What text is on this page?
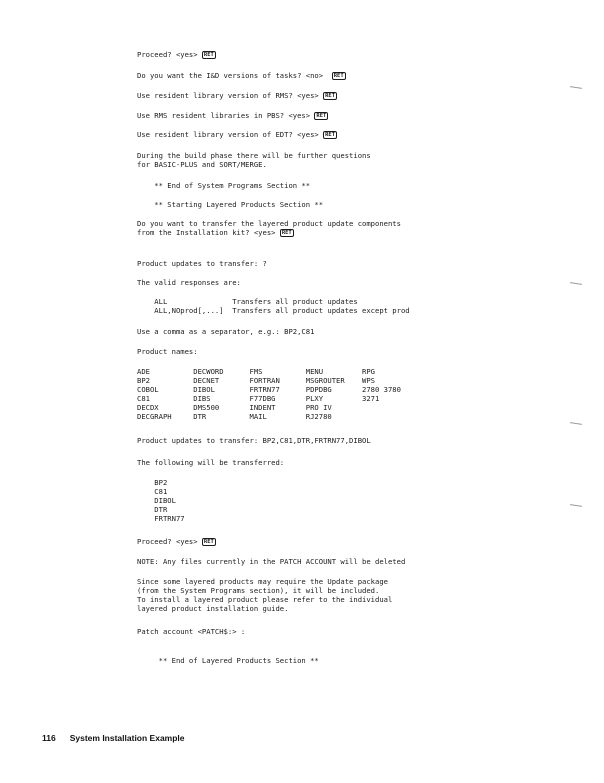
Proceed? <yes> RET
Do you want the I&D versions of tasks? <no>  RET
Use resident library version of RMS? <yes> RET
Use RMS resident libraries in PBS? <yes> RET
Use resident library version of EDT? <yes> RET
During the build phase there will be further questions
for BASIC-PLUS and SORT/MERGE.
** End of System Programs Section **
** Starting Layered Products Section **
Do you want to transfer the layered product update components
from the Installation kit? <yes> RET
Product updates to transfer: ?
The valid responses are:
ALL               Transfers all product updates
ALL,NOprod[,...]  Transfers all product updates except prod
Use a comma as a separator, e.g.: BP2,C81
Product names:
ADE          DECWORD      FMS          MENU         RPG
BP2          DECNET       FORTRAN      MSGROUTER    WPS
COBOL        DIBOL        FRTRN77      PDPDBG       2780 3780
C81          DIBS         F77DBG       PLXY         3271
DECDX        DMS500       INDENT       PRO IV
DECGRAPH     DTR          MAIL         RJ2780
Product updates to transfer: BP2,C81,DTR,FRTRN77,DIBOL
The following will be transferred:
BP2
C81
DIBOL
DTR
FRTRN77
Proceed? <yes> RET
NOTE: Any files currently in the PATCH ACCOUNT will be deleted
Since some layered products may require the Update package
(from the System Programs section), it will be included.
To install a layered product please refer to the individual
layered product installation guide.
Patch account <PATCH$:> :
** End of Layered Products Section **
116 System Installation Example
